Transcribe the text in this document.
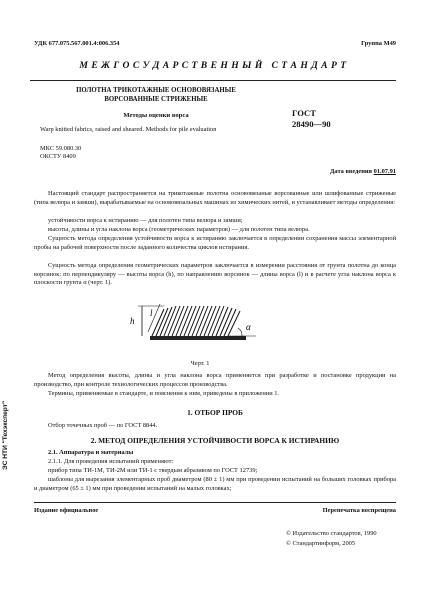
УДК 677.075.567.001.4:006.354	Группа М49
М Е Ж Г О С У Д А Р С Т В Е Н Н Ы Й   С Т А Н Д А Р Т
ПОЛОТНА ТРИКОТАЖНЫЕ ОСНОВОВЯЗАНЫЕ
ВОРСОВАННЫЕ СТРИЖЕНЫЕ
Методы оценки ворса
Warp knitted fabrics, raised and sheared. Methods for pile evaluation
ГОСТ
28490—90
МКС 59.080.30
ОКСТУ 8409
Дата введения 01.07.91
Настоящий стандарт распространяется на трикотажные полотна основовязаные ворсованные или шлифованные стриженые (типа велюра и замши), вырабатываемые на основовязальных машинах из химических нитей, и устанавливает методы определения:
устойчивости ворса к истиранию — для полотен типа велюра и замши;
высоты, длины и угла наклона ворса (геометрических параметров) — для полотен типа велюра.
Сущность метода определения устойчивости ворса к истиранию заключается в определении сохранения массы элементарной пробы на рабочей поверхности после заданного количества циклов истирания.
Сущность метода определения геометрических параметров заключается в измерении расстояния от грунта полотна до конца ворсинок: по перпендикуляру — высоты ворса (h), по направлению ворсинок — длины ворса (l) и в расчете угла наклона ворса к плоскости грунта α (черт. 1).
h
l
α
Черт. 1
Метод определения высоты, длины и угла наклона ворса применяется при разработке и постановке продукции на производство, при контроле технологических процессов производства.
Термины, применяемые в стандарте, и пояснения к ним, приведены в приложении 1.
1. ОТБОР ПРОБ
Отбор точечных проб — по ГОСТ 8844.
2. МЕТОД ОПРЕДЕЛЕНИЯ УСТОЙЧИВОСТИ ВОРСА К ИСТИРАНИЮ
2.1. Аппаратура и материалы
2.1.1. Для проведения испытаний применяют:
прибор типа ТИ-1М, ТИ-2М или ТИ-1 с твердым абразивом по ГОСТ 12739;
шаблоны для вырезания элементарных проб диаметром (80 ± 1) мм при проведении испытаний на больших головках прибора и диаметром (65 ± 1) мм при проведении испытаний на малых головках;
Издание официальное	Перепечатка воспрещена
© Издательство стандартов, 1990
© Стандартинформ, 2005
ЭС НТИ "Техэксперт"
